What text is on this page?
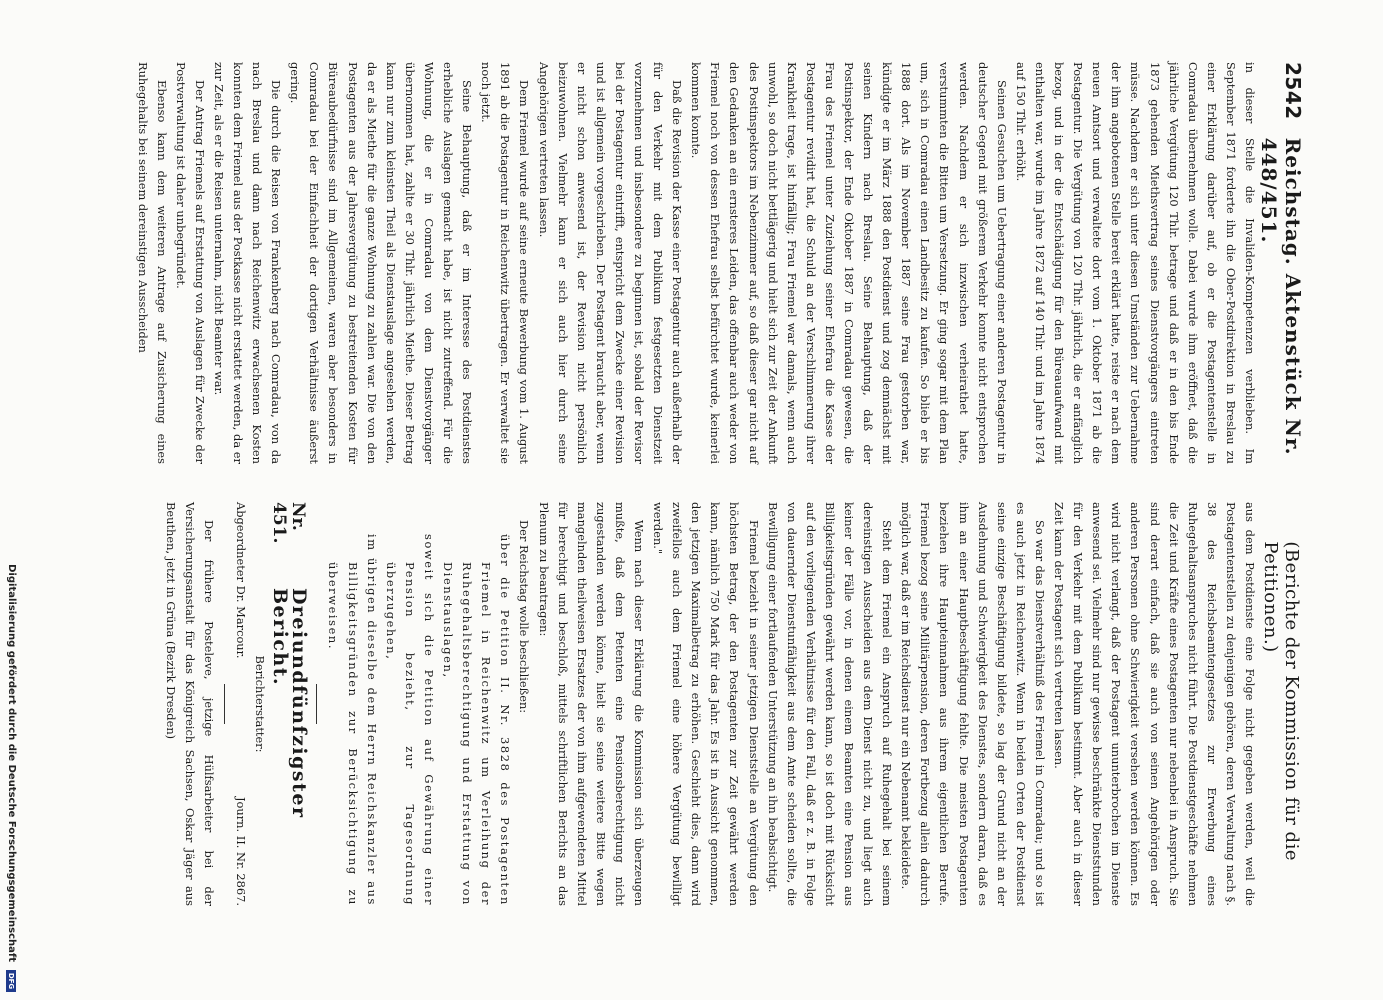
2542
Reichstag. Aktenstück Nr. 448/451.
(Berichte der Kommission für die Petitionen.)

in dieser Stelle die Invaliden-Kompetenzen verblieben. Im September 1871 forderte ihn die Ober-Postdirektion in Breslau zu einer Erklärung darüber auf, ob er die Postagentenstelle in Comradau übernehmen wolle. Dabei wurde ihm eröffnet, daß die jährliche Vergütung 120 Thlr. betrage und daß er in den bis Ende 1873 gehenden Miethsvertrag seines Dienstvorgängers eintreten müsse. Nachdem er sich unter diesen Umständen zur Uebernahme der ihm angebotenen Stelle bereit erklärt hatte, reiste er nach dem neuen Amtsort und verwaltete dort vom 1. Oktober 1871 ab die Postagentur. Die Vergütung von 120 Thlr. jährlich, die er anfänglich bezog, und in der die Entschädigung für den Büreauaufwand mit enthalten war, wurde im Jahre 1872 auf 140 Thlr. und im Jahre 1874 auf 150 Thlr. erhöht.

Seinen Gesuchen um Uebertragung einer anderen Postagentur in deutscher Gegend mit größerem Verkehr konnte nicht entsprochen werden. Nachdem er sich inzwischen verheirathet hatte, verstummten die Bitten um Versetzung. Er ging sogar mit dem Plan um, sich in Comradau einen Landbesitz zu kaufen. So blieb er bis 1888 dort. Als im November 1887 seine Frau gestorben war, kündigte er im März 1888 den Postdienst und zog demnächst mit seinen Kindern nach Breslau. Seine Behauptung, daß der Postinspektor, der Ende Oktober 1887 in Comradau gewesen, die Frau des Friemel unter Zuziehung seiner Ehefrau die Kasse der Postagentur revidirt hat, die Schuld an der Verschlimmerung ihrer Krankheit trage, ist hinfällig; Frau Friemel war damals, wenn auch unwohl, so doch nicht bettlägerig und hielt sich zur Zeit der Ankunft des Postinspektors im Nebenzimmer auf, so daß dieser gar nicht auf den Gedanken an ein ernsteres Leiden, das offenbar auch weder von Friemel noch von dessen Ehefrau selbst befürchtet wurde, keinerlei kommen konnte.

Daß die Revision der Kasse einer Postagentur auch außerhalb der für den Verkehr mit dem Publikum festgesetzten Dienstzeit vorzunehmen und insbesondere zu beginnen ist, sobald der Revisor bei der Postagentur eintrifft, entspricht dem Zwecke einer Revision und ist allgemein vorgeschrieben. Der Postagent braucht aber, wenn er nicht schon anwesend ist, der Revision nicht persönlich beizuwohnen. Vielmehr kann er sich auch hier durch seine Angehörigen vertreten lassen.

Dem Friemel wurde auf seine erneute Bewerbung vom 1. August 1891 ab die Postagentur in Reichenwitz übertragen. Er verwaltet sie noch jetzt.

Seine Behauptung, daß er im Interesse des Postdienstes erhebliche Auslagen gemacht habe, ist nicht zutreffend. Für die Wohnung, die er in Comradau von dem Dienstvorgänger übernommen hat, zahlte er 30 Thlr. jährlich Miethe. Dieser Betrag kann nur zum kleinsten Theil als Dienstauslage angesehen werden, da er als Miethe für die ganze Wohnung zu zahlen war. Die von den Postagenten aus der Jahresvergütung zu bestreitenden Kosten für Büreaubedürfnisse sind im Allgemeinen, waren aber besonders in Comradau bei der Einfachheit der dortigen Verhältnisse äußerst gering.

Die durch die Reisen von Frankenberg nach Comradau, von da nach Breslau und dann nach Reichenwitz erwachsenen Kosten konnten dem Friemel aus der Postkasse nicht erstattet werden, da er zur Zeit, als er die Reisen unternahm, nicht Beamter war.

Der Antrag Friemels auf Erstattung von Auslagen für Zwecke der Postverwaltung ist daher unbegründet.

Ebenso kann dem weiteren Antrage auf Zusicherung eines Ruhegehalts bei seinem dereinstigen Ausscheiden

aus dem Postdienste eine Folge nicht gegeben werden, weil die Postagentenstellen zu denjenigen gehören, deren Verwaltung nach §. 38 des Reichsbeamtengesetzes zur Erwerbung eines Ruhegehaltsanspruches nicht führt. Die Postdienstgeschäfte nehmen die Zeit und Kräfte eines Postagenten nur nebenbei in Anspruch. Sie sind derart einfach, daß sie auch von seinen Angehörigen oder anderen Personen ohne Schwierigkeit versehen werden können. Es wird nicht verlangt, daß der Postagent ununterbrochen im Dienste anwesend sei. Vielmehr sind nur gewisse beschränkte Dienststunden für den Verkehr mit dem Publikum bestimmt. Aber auch in dieser Zeit kann der Postagent sich vertreten lassen.

So war das Dienstverhältniß des Friemel in Comradau; und so ist es auch jetzt in Reichenwitz. Wenn in beiden Orten der Postdienst seine einzige Beschäftigung bildete, so lag der Grund nicht an der Ausdehnung und Schwierigkeit des Dienstes, sondern daran, daß es ihm an einer Hauptbeschäftigung fehlte. Die meisten Postagenten beziehen ihre Haupteinnahmen aus ihrem eigentlichen Berufe. Friemel bezog seine Militärpension, deren Fortbezug allein dadurch möglich war, daß er im Reichsdienst nur ein Nebenamt bekleidete.

Steht dem Friemel ein Anspruch auf Ruhegehalt bei seinem dereinstigen Ausscheiden aus dem Dienst nicht zu, und liegt auch keiner der Fälle vor, in denen einem Beamten eine Pension aus Billigkeitsgründen gewährt werden kann, so ist doch mit Rücksicht auf den vorliegenden Verhältnisse für den Fall, daß er z. B. in Folge von dauernder Dienstunfähigkeit aus dem Amte scheiden sollte, die Bewilligung einer fortlaufenden Unterstützung an ihn beabsichtigt.

Friemel bezieht in seiner jetzigen Dienststelle an Vergütung den höchsten Betrag, der den Postagenten zur Zeit gewährt werden kann, nämlich 750 Mark für das Jahr. Es ist in Aussicht genommen, den jetzigen Maximalbetrag zu erhöhen. Geschieht dies, dann wird zweifellos auch dem Friemel eine höhere Vergütung bewilligt werden."

Wenn nach dieser Erklärung die Kommission sich überzeugen mußte, daß dem Petenten eine Pensionsberechtigung nicht zugestanden werden könne, hielt sie seine weitere Bitte wegen mangelnden theilweisen Ersatzes der von ihm aufgewendeten Mittel für berechtigt und beschloß, mittels schriftlichen Berichts an das Plenum zu beantragen:

Der Reichstag wolle beschließen:

über die Petition II. Nr. 3828 des Postagenten Friemel in Reichenwitz um Verleihung der Ruhegehaltsberechtigung und Erstattung von Dienstauslagen,

soweit sich die Petition auf Gewährung einer Pension bezieht, zur Tagesordnung überzugehen,

im übrigen dieselbe dem Herrn Reichskanzler aus Billigkeitsgründen zur Berücksichtigung zu überweisen.

Nr. 451.
Dreiundfünfzigster Bericht.

Berichterstatter:

Abgeordneter Dr. Marcour.
Journ. II. Nr. 2867.

Der frühere Posteleve, jetzige Hülfsarbeiter bei der Versicherungsanstalt für das Königreich Sachsen, Oskar Jäger aus Beuthen, jetzt in Grüna (Bezirk Dresden)

Digitalisierung gefördert durch die Deutsche Forschungsgemeinschaft
DFG
